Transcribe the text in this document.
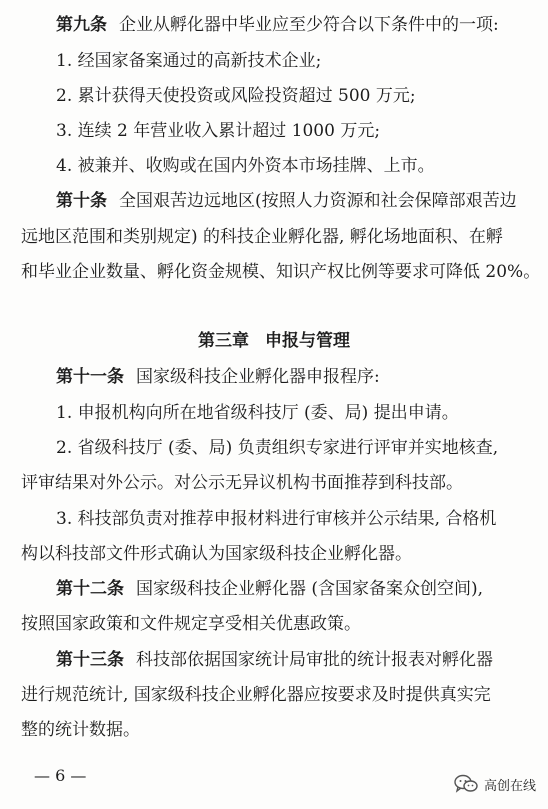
第九条 企业从孵化器中毕业应至少符合以下条件中的一项:
1. 经国家备案通过的高新技术企业;
2. 累计获得天使投资或风险投资超过 500 万元;
3. 连续 2 年营业收入累计超过 1000 万元;
4. 被兼并、收购或在国内外资本市场挂牌、上市。
第十条 全国艰苦边远地区(按照人力资源和社会保障部艰苦边
远地区范围和类别规定) 的科技企业孵化器, 孵化场地面积、在孵
和毕业企业数量、孵化资金规模、知识产权比例等要求可降低 20%。
第三章 申报与管理
第十一条 国家级科技企业孵化器申报程序:
1. 申报机构向所在地省级科技厅 (委、局) 提出申请。
2. 省级科技厅 (委、局) 负责组织专家进行评审并实地核查,
评审结果对外公示。对公示无异议机构书面推荐到科技部。
3. 科技部负责对推荐申报材料进行审核并公示结果, 合格机
构以科技部文件形式确认为国家级科技企业孵化器。
第十二条 国家级科技企业孵化器 (含国家备案众创空间),
按照国家政策和文件规定享受相关优惠政策。
第十三条 科技部依据国家统计局审批的统计报表对孵化器
进行规范统计, 国家级科技企业孵化器应按要求及时提供真实完
整的统计数据。
— 6 —
高创在线
